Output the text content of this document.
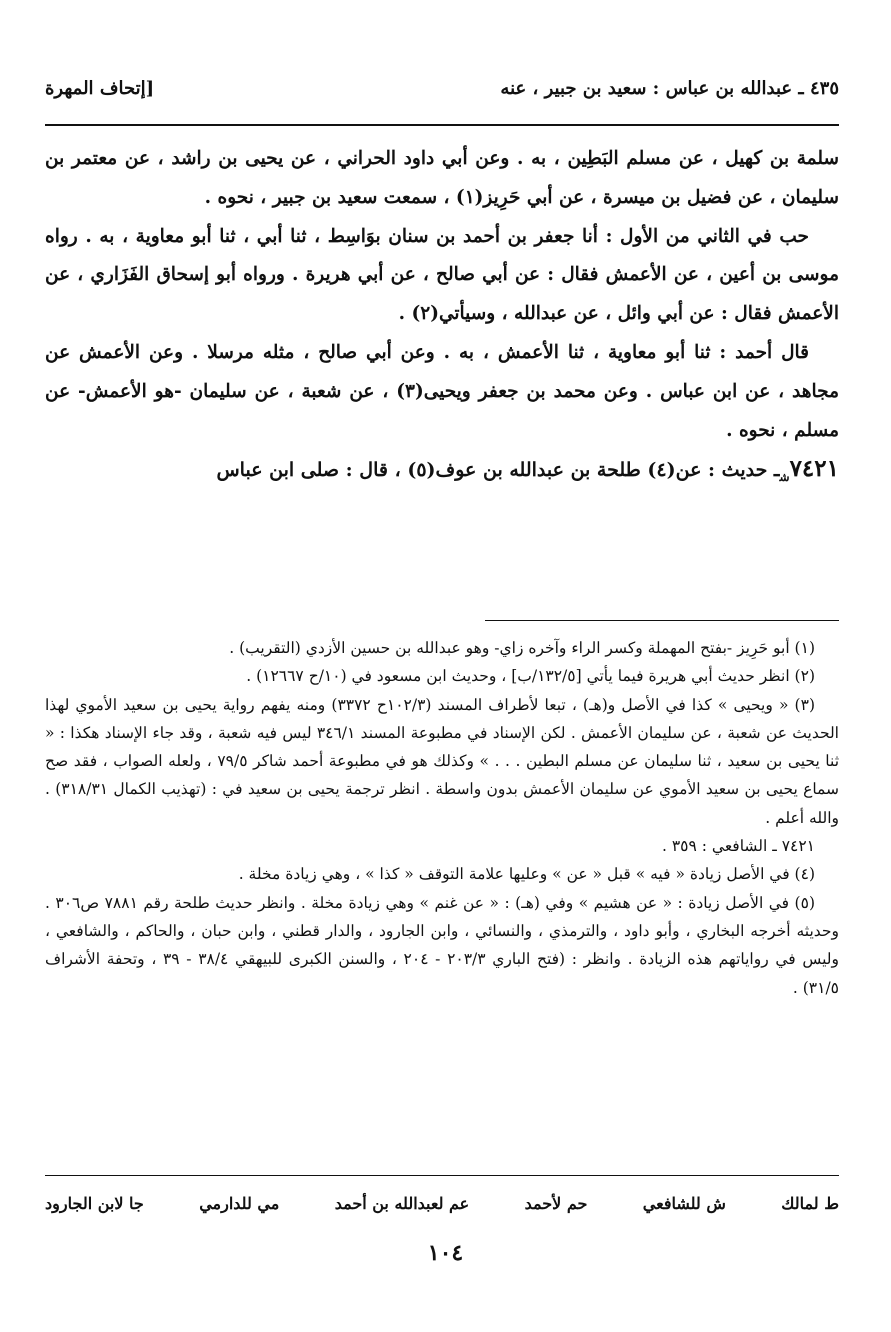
٤٣٥ ـ عبدالله بن عباس : سعيد بن جبير ، عنه
[إتحاف المهرة

سلمة بن كهيل ، عن مسلم البَطِين ، به . وعن أبي داود الحراني ، عن يحيى بن راشد ، عن معتمر بن سليمان ، عن فضيل بن ميسرة ، عن أبي حَرِيز(١) ، سمعت سعيد بن جبير ، نحوه .

حب في الثاني من الأول : أنا جعفر بن أحمد بن سنان بوَاسِط ، ثنا أبي ، ثنا أبو معاوية ، به . رواه موسى بن أعين ، عن الأعمش فقال : عن أبي صالح ، عن أبي هريرة . ورواه أبو إسحاق الفَزَاري ، عن الأعمش فقال : عن أبي وائل ، عن عبدالله ، وسيأتي(٢) .

قال أحمد : ثنا أبو معاوية ، ثنا الأعمش ، به . وعن أبي صالح ، مثله مرسلا . وعن الأعمش عن مجاهد ، عن ابن عباس . وعن محمد بن جعفر ويحيى(٣) ، عن شعبة ، عن سليمان -هو الأعمش- عن مسلم ، نحوه .

$٧٤٢١_شـ$ حديث : عن(٤) طلحة بن عبدالله بن عوف(٥) ، قال : صلى ابن عباس

(١) أبو حَرِيز -بفتح المهملة وكسر الراء وآخره زاي- وهو عبدالله بن حسين الأزدي (التقريب) .

(٢) انظر حديث أبي هريرة فيما يأتي [١٣٢/٥/ب] ، وحديث ابن مسعود في (١٠/ح ١٢٦٦٧) .

(٣) « ويحيى » كذا في الأصل و(هـ) ، تبعا لأطراف المسند (١٠٢/٣ح ٣٣٧٢) ومنه يفهم رواية يحيى بن سعيد الأموي لهذا الحديث عن شعبة ، عن سليمان الأعمش . لكن الإسناد في مطبوعة المسند ٣٤٦/١ ليس فيه شعبة ، وقد جاء الإسناد هكذا : « ثنا يحيى بن سعيد ، ثنا سليمان عن مسلم البطين . . . » وكذلك هو في مطبوعة أحمد شاكر ٧٩/٥ ، ولعله الصواب ، فقد صح سماع يحيى بن سعيد الأموي عن سليمان الأعمش بدون واسطة . انظر ترجمة يحيى بن سعيد في : (تهذيب الكمال ٣١٨/٣١) . والله أعلم .

٧٤٢١ ـ الشافعي : ٣٥٩ .

(٤) في الأصل زيادة « فيه » قبل « عن » وعليها علامة التوقف « كذا » ، وهي زيادة مخلة .

(٥) في الأصل زيادة : « عن هشيم » وفي (هـ) : « عن غنم » وهي زيادة مخلة . وانظر حديث طلحة رقم ٧٨٨١ ص٣٠٦ . وحديثه أخرجه البخاري ، وأبو داود ، والترمذي ، والنسائي ، وابن الجارود ، والدار قطني ، وابن حبان ، والحاكم ، والشافعي ، وليس في رواياتهم هذه الزيادة . وانظر : (فتح الباري ٢٠٣/٣ - ٢٠٤ ، والسنن الكبرى للبيهقي ٣٨/٤ - ٣٩ ، وتحفة الأشراف ٣١/٥) .

ط لمالك
ش للشافعي
حم لأحمد
عم لعبدالله بن أحمد
مي للدارمي
جا لابن الجارود
١٠٤
